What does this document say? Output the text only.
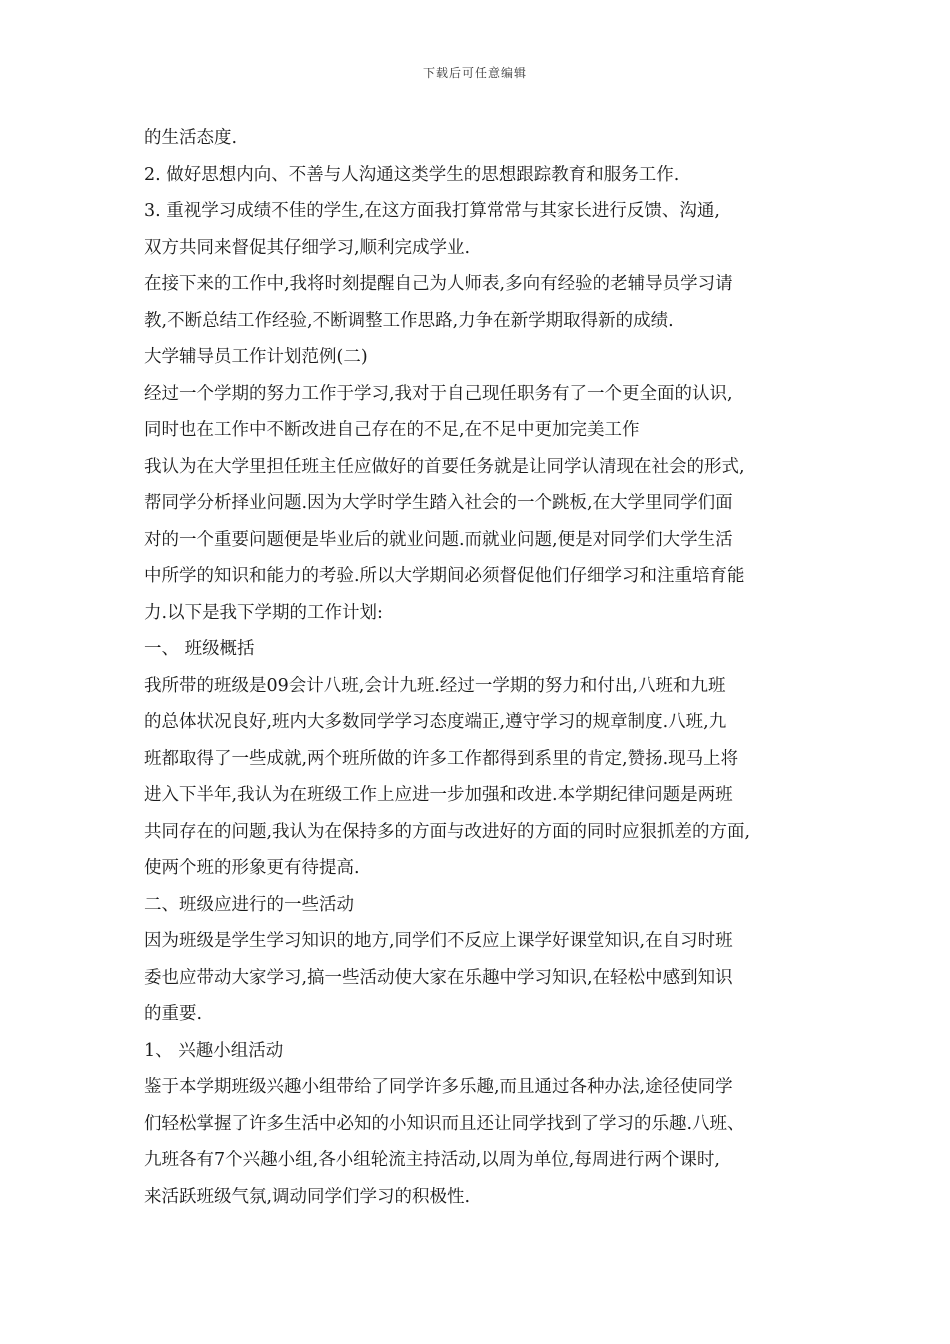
下载后可任意编辑
的生活态度.
2. 做好思想内向、不善与人沟通这类学生的思想跟踪教育和服务工作.
3. 重视学习成绩不佳的学生,在这方面我打算常常与其家长进行反馈、沟通,
双方共同来督促其仔细学习,顺利完成学业.
在接下来的工作中,我将时刻提醒自己为人师表,多向有经验的老辅导员学习请
教,不断总结工作经验,不断调整工作思路,力争在新学期取得新的成绩.
大学辅导员工作计划范例(二)
经过一个学期的努力工作于学习,我对于自己现任职务有了一个更全面的认识,
同时也在工作中不断改进自己存在的不足,在不足中更加完美工作
我认为在大学里担任班主任应做好的首要任务就是让同学认清现在社会的形式,
帮同学分析择业问题.因为大学时学生踏入社会的一个跳板,在大学里同学们面
对的一个重要问题便是毕业后的就业问题.而就业问题,便是对同学们大学生活
中所学的知识和能力的考验.所以大学期间必须督促他们仔细学习和注重培育能
力.以下是我下学期的工作计划:
一、 班级概括
我所带的班级是09会计八班,会计九班.经过一学期的努力和付出,八班和九班
的总体状况良好,班内大多数同学学习态度端正,遵守学习的规章制度.八班,九
班都取得了一些成就,两个班所做的许多工作都得到系里的肯定,赞扬.现马上将
进入下半年,我认为在班级工作上应进一步加强和改进.本学期纪律问题是两班
共同存在的问题,我认为在保持多的方面与改进好的方面的同时应狠抓差的方面,
使两个班的形象更有待提高.
二、班级应进行的一些活动
因为班级是学生学习知识的地方,同学们不反应上课学好课堂知识,在自习时班
委也应带动大家学习,搞一些活动使大家在乐趣中学习知识,在轻松中感到知识
的重要.
1、 兴趣小组活动
鉴于本学期班级兴趣小组带给了同学许多乐趣,而且通过各种办法,途径使同学
们轻松掌握了许多生活中必知的小知识而且还让同学找到了学习的乐趣.八班、
九班各有7个兴趣小组,各小组轮流主持活动,以周为单位,每周进行两个课时,
来活跃班级气氛,调动同学们学习的积极性.
